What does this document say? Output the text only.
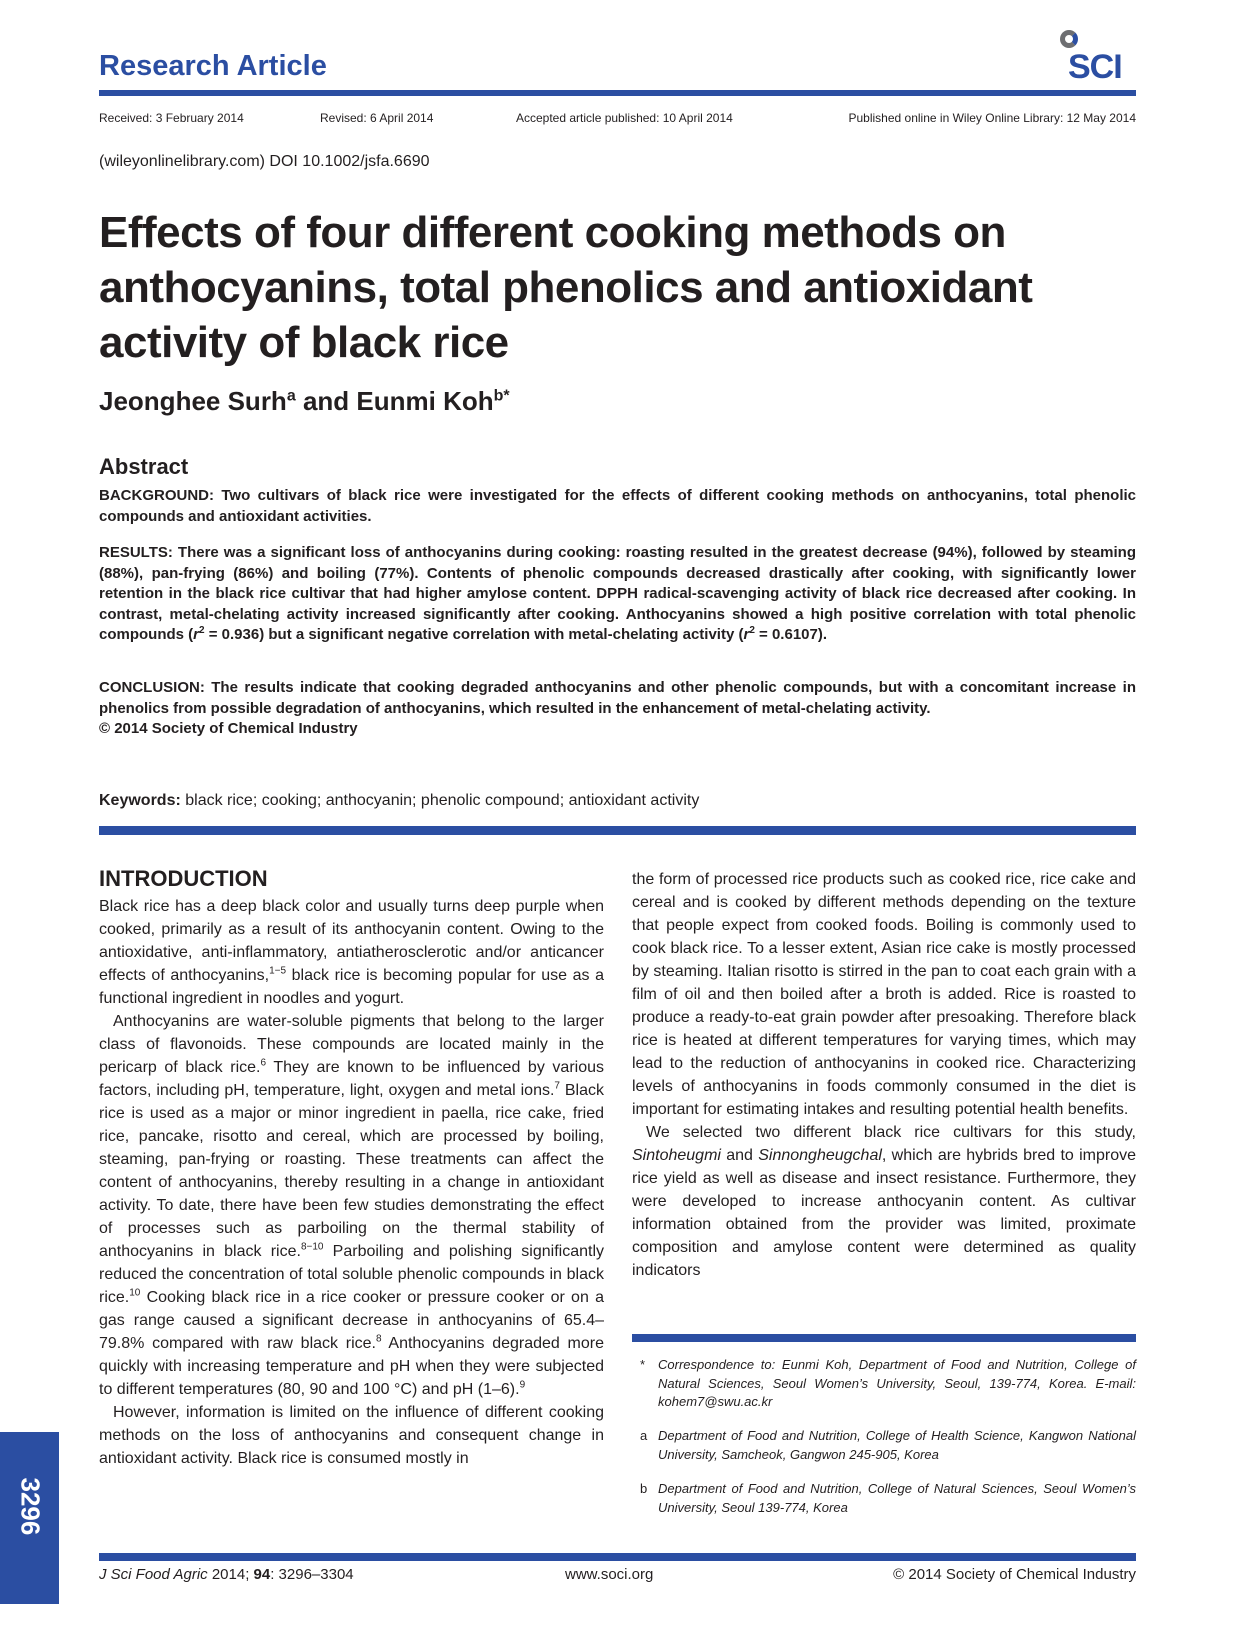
Research Article	SCI
Received: 3 February 2014	Revised: 6 April 2014	Accepted article published: 10 April 2014	Published online in Wiley Online Library: 12 May 2014
(wileyonlinelibrary.com) DOI 10.1002/jsfa.6690
Effects of four different cooking methods on anthocyanins, total phenolics and antioxidant activity of black rice
Jeonghee Surh$^a$ and Eunmi Koh$^{b*}$
Abstract

BACKGROUND: Two cultivars of black rice were investigated for the effects of different cooking methods on anthocyanins, total phenolic compounds and antioxidant activities.

RESULTS: There was a significant loss of anthocyanins during cooking: roasting resulted in the greatest decrease (94%), followed by steaming (88%), pan-frying (86%) and boiling (77%). Contents of phenolic compounds decreased drastically after cooking, with significantly lower retention in the black rice cultivar that had higher amylose content. DPPH radical-scavenging activity of black rice decreased after cooking. In contrast, metal-chelating activity increased significantly after cooking. Anthocyanins showed a high positive correlation with total phenolic compounds $(r^2 = 0.936)$ but a significant negative correlation with metal-chelating activity $(r^2 = 0.6107)$.

CONCLUSION: The results indicate that cooking degraded anthocyanins and other phenolic compounds, but with a concomitant increase in phenolics from possible degradation of anthocyanins, which resulted in the enhancement of metal-chelating activity.
© 2014 Society of Chemical Industry

Keywords: black rice; cooking; anthocyanin; phenolic compound; antioxidant activity
INTRODUCTION

Black rice has a deep black color and usually turns deep purple when cooked, primarily as a result of its anthocyanin content. Owing to the antioxidative, anti-inflammatory, antiatherosclerotic and/or anticancer effects of anthocyanins,$^{1-5}$ black rice is becoming popular for use as a functional ingredient in noodles and yogurt.

Anthocyanins are water-soluble pigments that belong to the larger class of flavonoids. These compounds are located mainly in the pericarp of black rice.$^6$ They are known to be influenced by various factors, including pH, temperature, light, oxygen and metal ions.$^7$ Black rice is used as a major or minor ingredient in paella, rice cake, fried rice, pancake, risotto and cereal, which are processed by boiling, steaming, pan-frying or roasting. These treatments can affect the content of anthocyanins, thereby resulting in a change in antioxidant activity. To date, there have been few studies demonstrating the effect of processes such as parboiling on the thermal stability of anthocyanins in black rice.$^{8-10}$ Parboiling and polishing significantly reduced the concentration of total soluble phenolic compounds in black rice.$^{10}$ Cooking black rice in a rice cooker or pressure cooker or on a gas range caused a significant decrease in anthocyanins of 65.4–79.8% compared with raw black rice.$^8$ Anthocyanins degraded more quickly with increasing temperature and pH when they were subjected to different temperatures (80, 90 and 100 °C) and pH (1–6).$^9$

However, information is limited on the influence of different cooking methods on the loss of anthocyanins and consequent change in antioxidant activity. Black rice is consumed mostly in

the form of processed rice products such as cooked rice, rice cake and cereal and is cooked by different methods depending on the texture that people expect from cooked foods. Boiling is commonly used to cook black rice. To a lesser extent, Asian rice cake is mostly processed by steaming. Italian risotto is stirred in the pan to coat each grain with a film of oil and then boiled after a broth is added. Rice is roasted to produce a ready-to-eat grain powder after presoaking. Therefore black rice is heated at different temperatures for varying times, which may lead to the reduction of anthocyanins in cooked rice. Characterizing levels of anthocyanins in foods commonly consumed in the diet is important for estimating intakes and resulting potential health benefits.

We selected two different black rice cultivars for this study, Sintoheugmi and Sinnongheugchal, which are hybrids bred to improve rice yield as well as disease and insect resistance. Furthermore, they were developed to increase anthocyanin content. As cultivar information obtained from the provider was limited, proximate composition and amylose content were determined as quality indicators

* Correspondence to: Eunmi Koh, Department of Food and Nutrition, College of Natural Sciences, Seoul Women’s University, Seoul, 139-774, Korea. E-mail: kohem7@swu.ac.kr
a Department of Food and Nutrition, College of Health Science, Kangwon National University, Samcheok, Gangwon 245-905, Korea
b Department of Food and Nutrition, College of Natural Sciences, Seoul Women’s University, Seoul 139-774, Korea
3296
J Sci Food Agric 2014; 94: 3296–3304	www.soci.org	© 2014 Society of Chemical Industry
